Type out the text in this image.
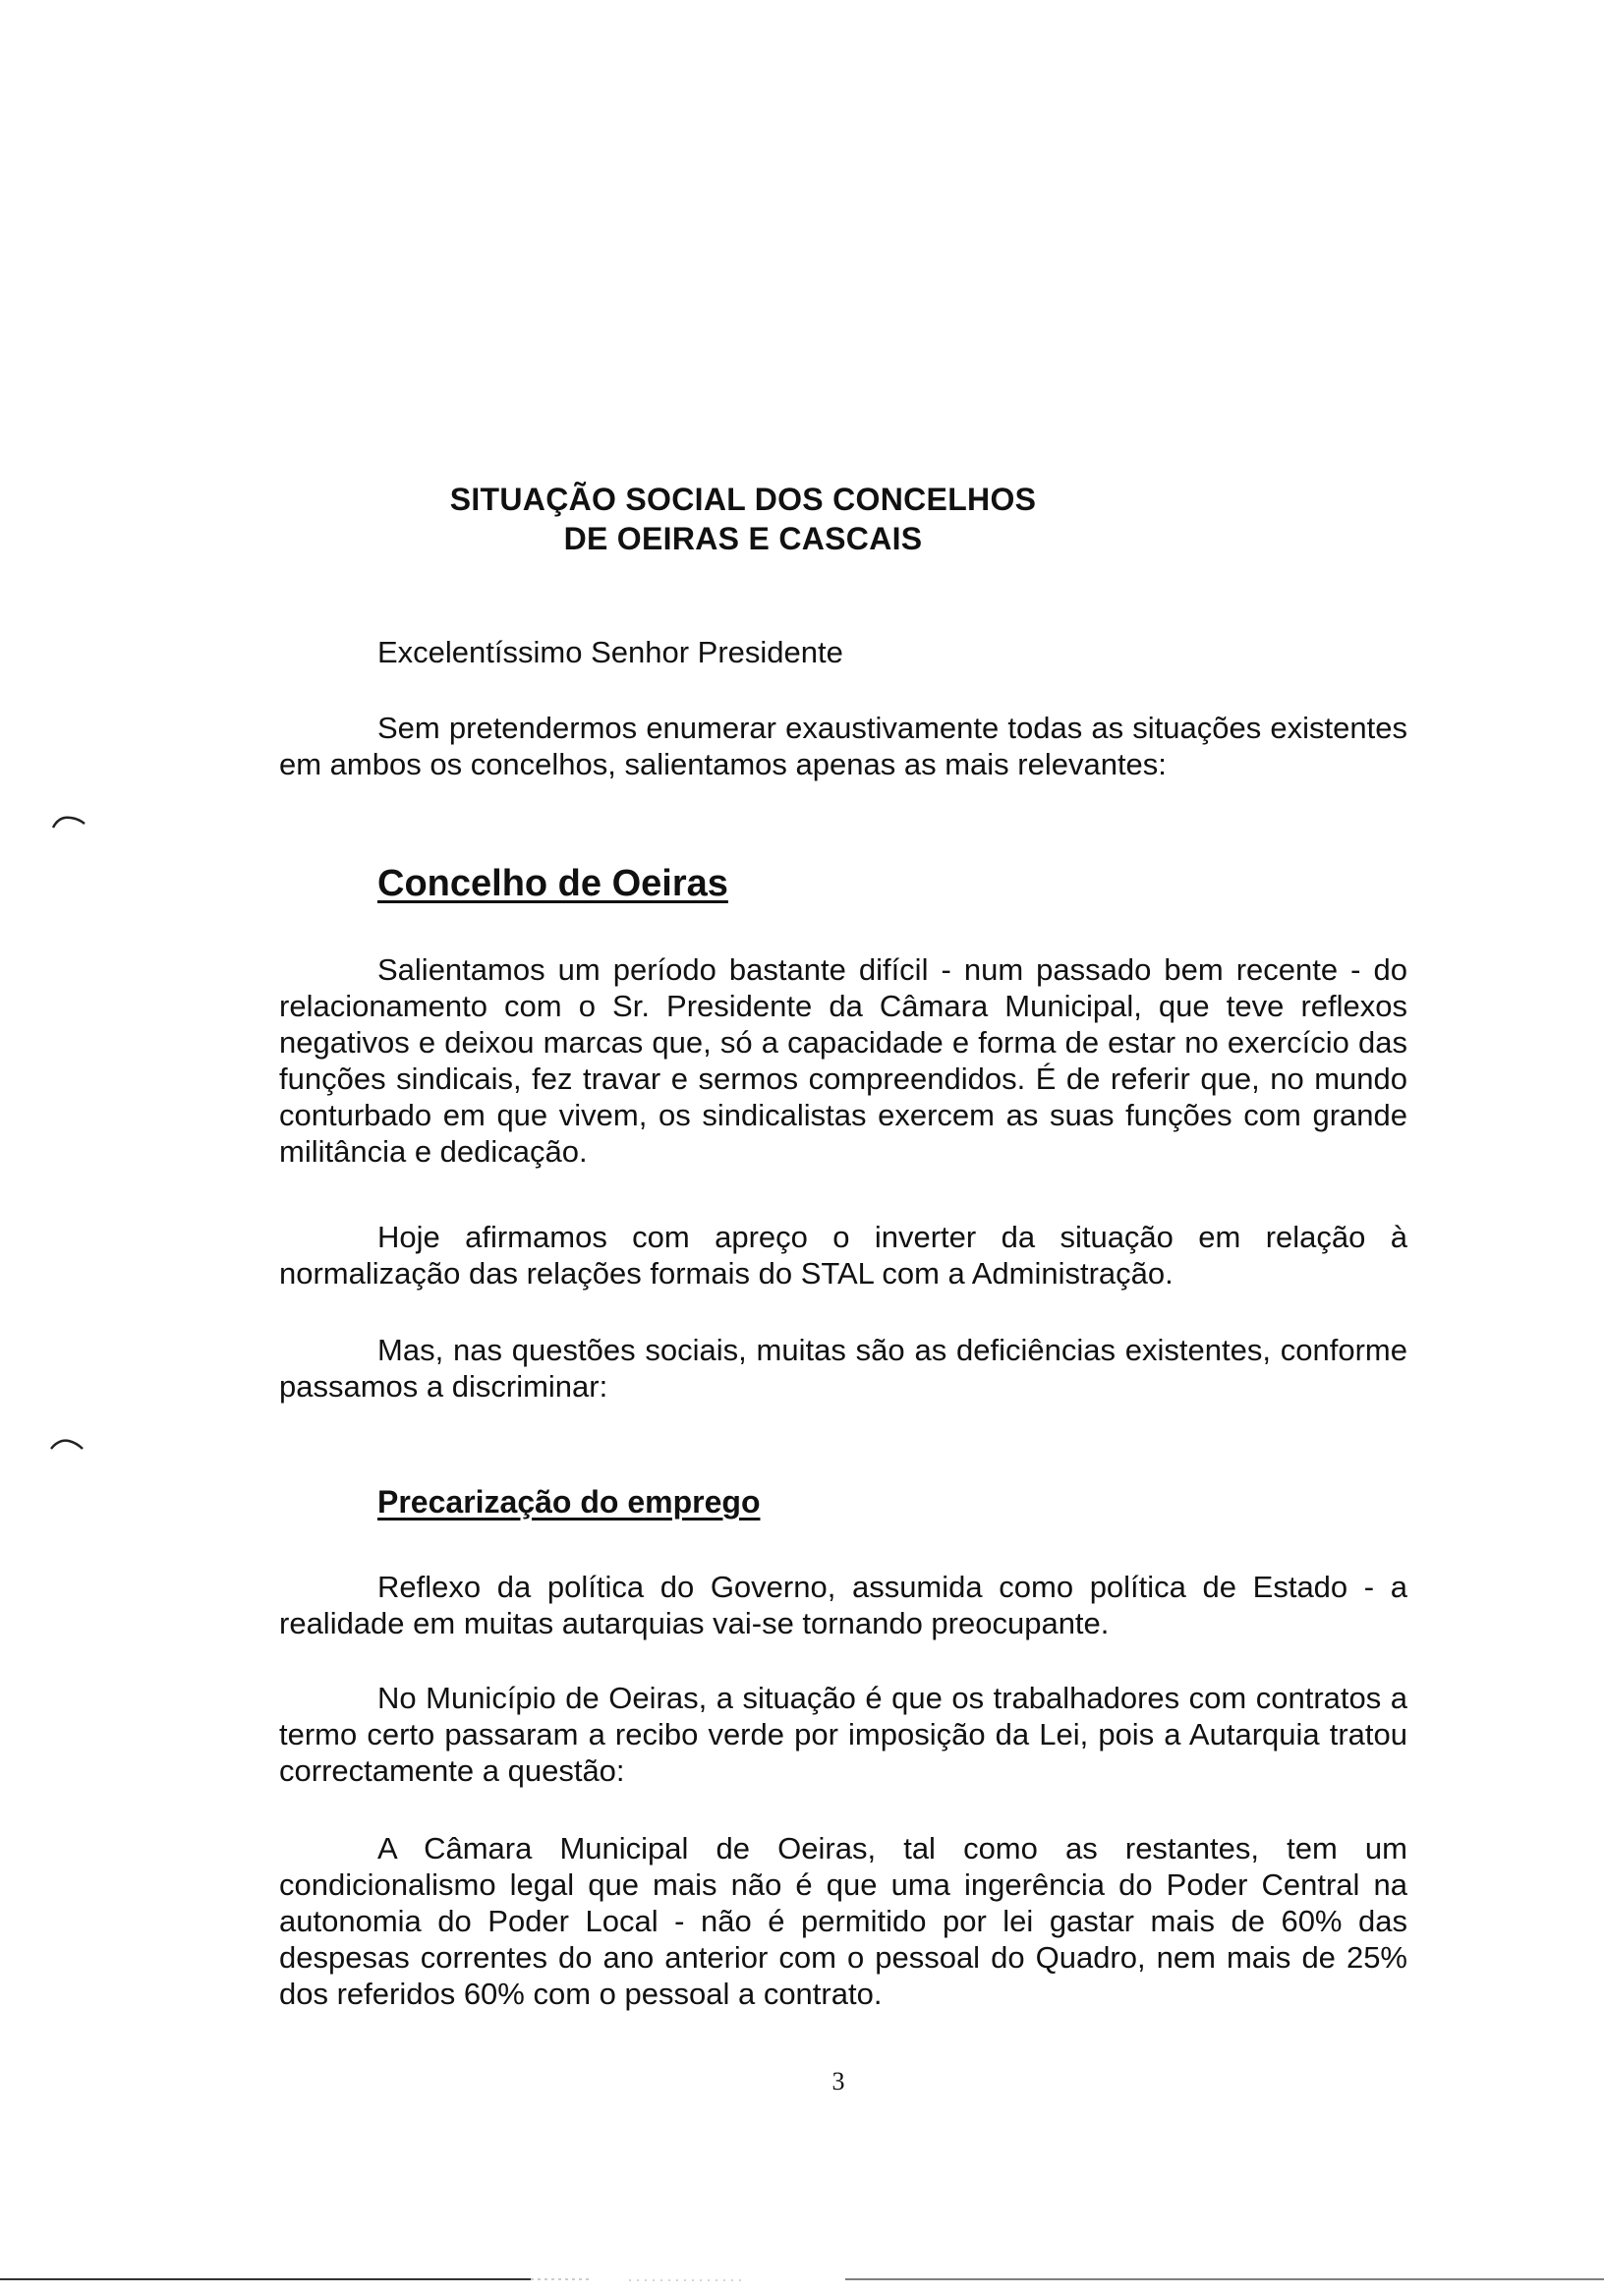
SITUAÇÃO SOCIAL DOS CONCELHOS
DE OEIRAS E CASCAIS
Excelentíssimo Senhor Presidente
Sem pretendermos enumerar exaustivamente todas as situações existentes em ambos os concelhos, salientamos apenas as mais relevantes:
Concelho de Oeiras
Salientamos um período bastante difícil - num passado bem recente - do relacionamento com o Sr. Presidente da Câmara Municipal, que teve reflexos negativos e deixou marcas que, só a capacidade e forma de estar no exercício das funções sindicais, fez travar e sermos compreendidos. É de referir que, no mundo conturbado em que vivem, os sindicalistas exercem as suas funções com grande militância e dedicação.
Hoje afirmamos com apreço o inverter da situação em relação à normalização das relações formais do STAL com a Administração.
Mas, nas questões sociais, muitas são as deficiências existentes, conforme passamos a discriminar:
Precarização do emprego
Reflexo da política do Governo, assumida como política de Estado - a realidade em muitas autarquias vai-se tornando preocupante.
No Município de Oeiras, a situação é que os trabalhadores com contratos a termo certo passaram a recibo verde por imposição da Lei, pois a Autarquia tratou correctamente a questão:
A Câmara Municipal de Oeiras, tal como as restantes, tem um condicionalismo legal que mais não é que uma ingerência do Poder Central na autonomia do Poder Local - não é permitido por lei gastar mais de 60% das despesas correntes do ano anterior com o pessoal do Quadro, nem mais de 25% dos referidos 60% com o pessoal a contrato.
3
